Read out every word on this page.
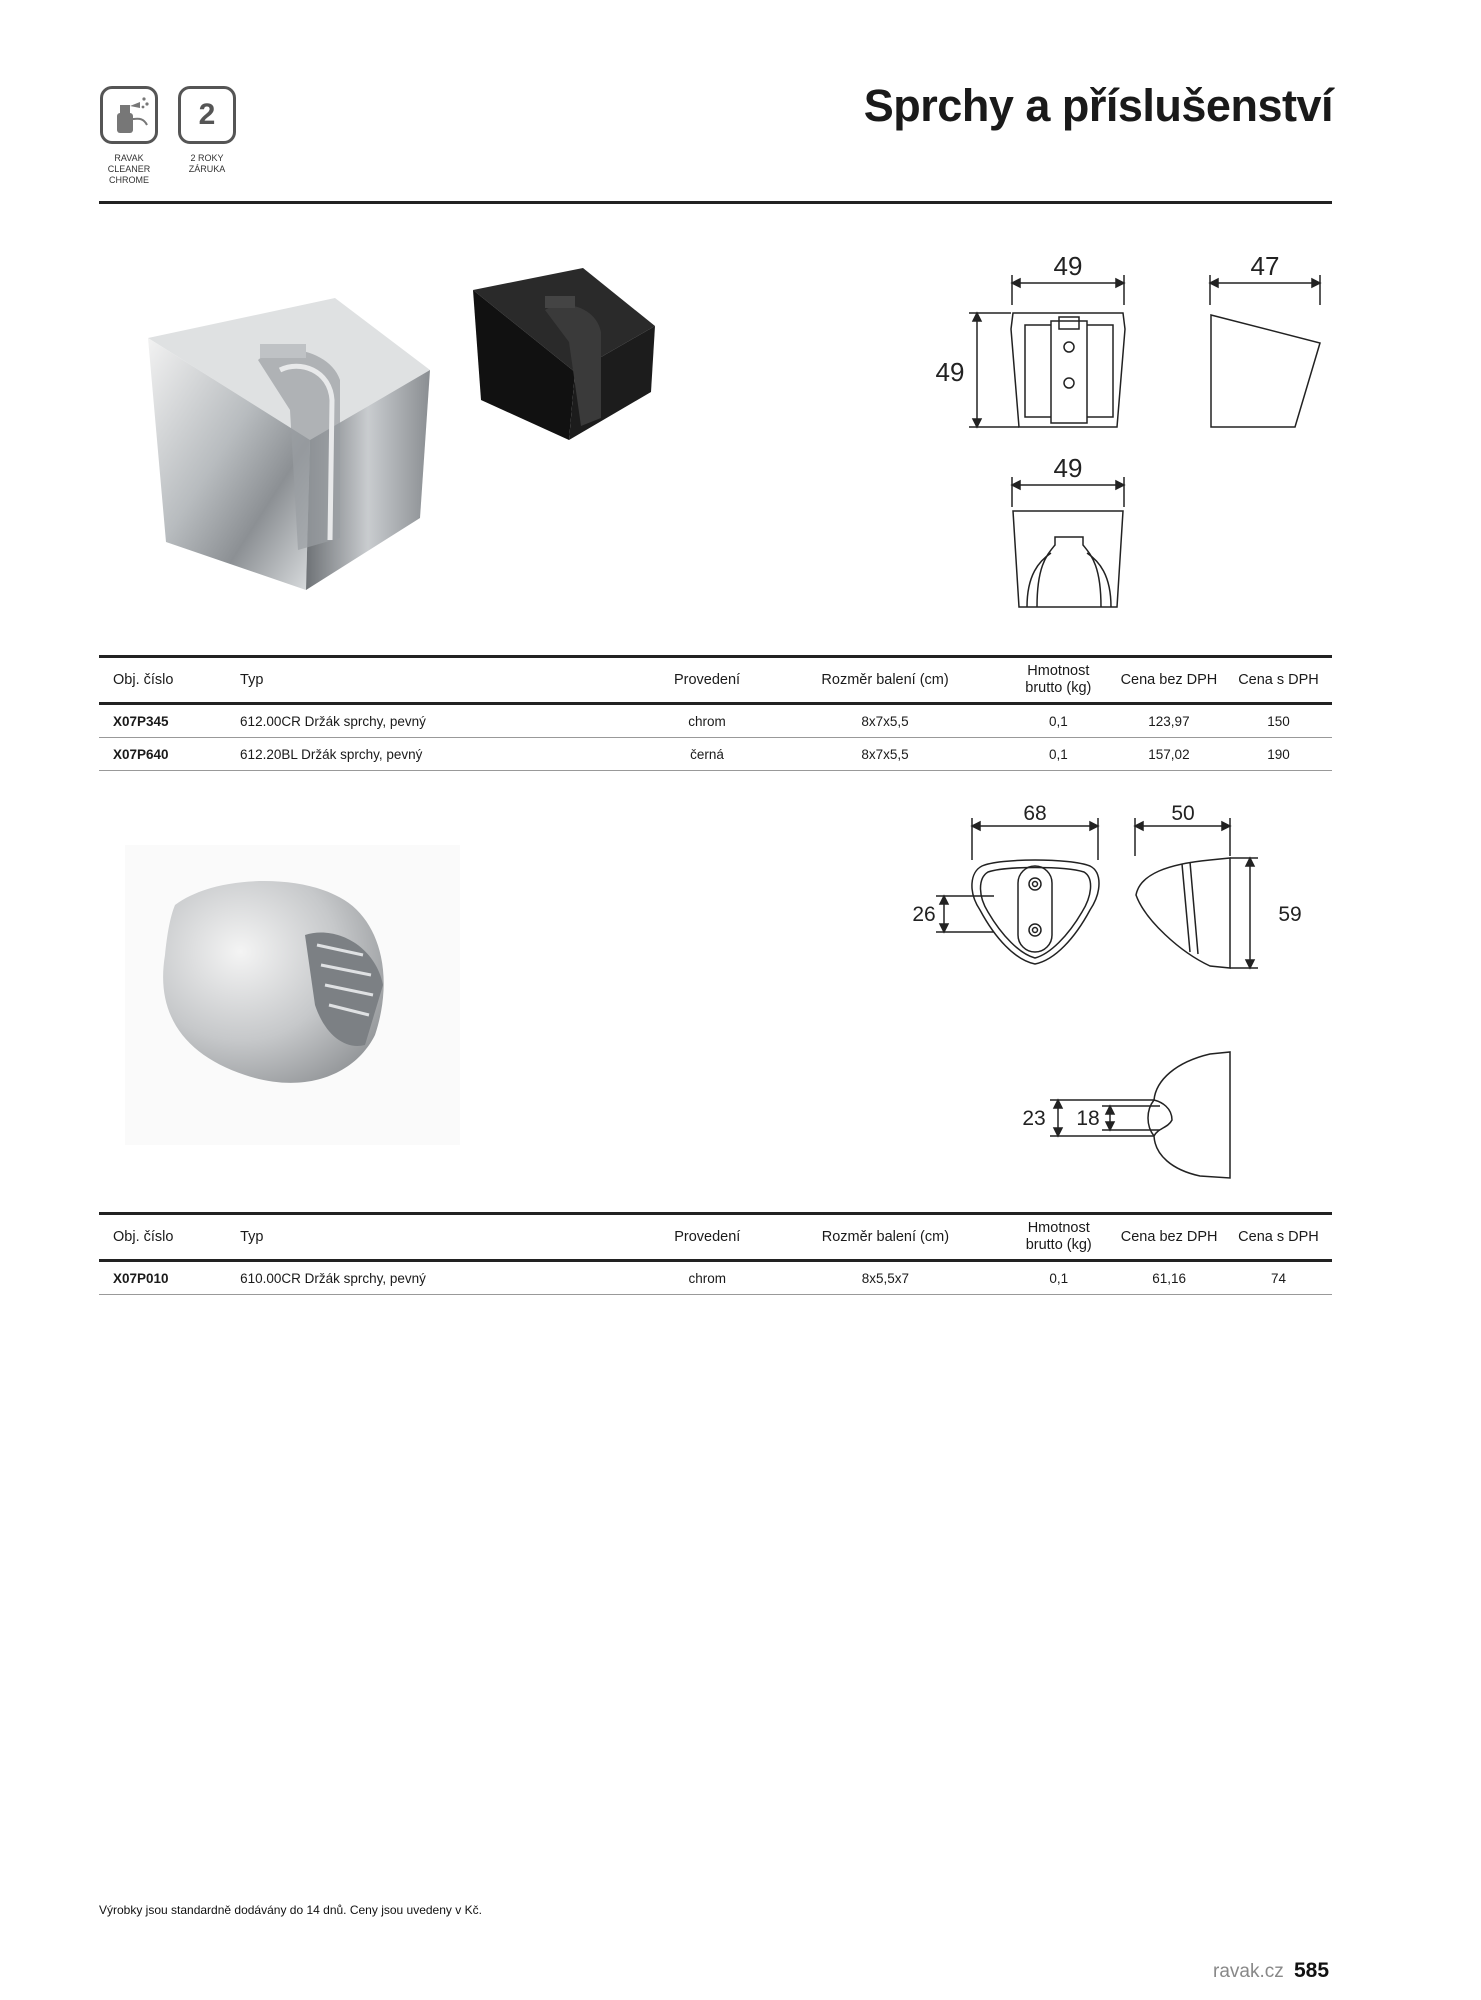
RAVAK
CLEANER
CHROME
2
2 ROKY
ZÁRUKA
Sprchy a příslušenství
49	47
49
49
Obj. číslo	Typ	Provedení	Rozměr balení (cm)	Hmotnost
brutto (kg)	Cena bez DPH	Cena s DPH
X07P345	612.00CR Držák sprchy, pevný	chrom	8x7x5,5	0,1	123,97	150
X07P640	612.20BL Držák sprchy, pevný	černá	8x7x5,5	0,1	157,02	190
68
26
50
59
23 18
Obj. číslo	Typ	Provedení	Rozměr balení (cm)	Hmotnost
brutto (kg)	Cena bez DPH	Cena s DPH
X07P010	610.00CR Držák sprchy, pevný	chrom	8x5,5x7	0,1	61,16	74
Výrobky jsou standardně dodávány do 14 dnů. Ceny jsou uvedeny v Kč.
ravak.cz 585
